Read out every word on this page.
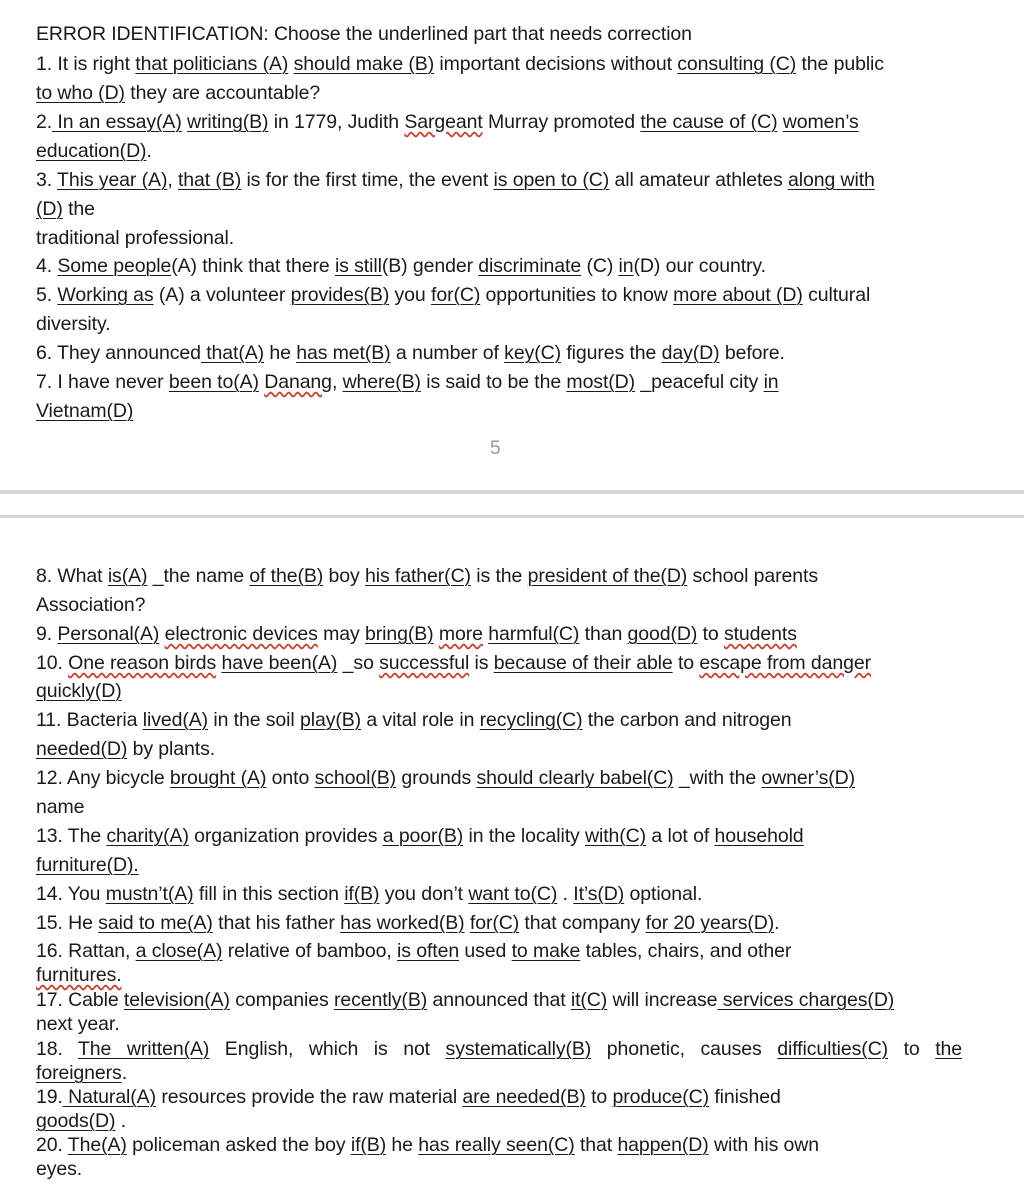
ERROR IDENTIFICATION: Choose the underlined part that needs correction
1. It is right that politicians (A) should make (B) important decisions without consulting (C) the public
to who (D) they are accountable?
2. In an essay(A) writing(B) in 1779, Judith Sargeant Murray promoted the cause of (C) women’s
education(D).
3. This year (A), that (B) is for the first time, the event is open to (C) all amateur athletes along with
(D) the
traditional professional.
4. Some people(A) think that there is still(B) gender discriminate (C) in(D) our country.
5. Working as (A) a volunteer provides(B) you for(C) opportunities to know more about (D) cultural
diversity.
6. They announced that(A) he has met(B) a number of key(C) figures the day(D) before.
7. I have never been to(A) Danang, where(B) is said to be the most(D) _peaceful city in
Vietnam(D)
5
8. What is(A) _the name of the(B) boy his father(C) is the president of the(D) school parents
Association?
9. Personal(A) electronic devices may bring(B) more harmful(C) than good(D) to students
10. One reason birds have been(A) _so successful is because of their able to escape from danger
quickly(D)
11. Bacteria lived(A) in the soil play(B) a vital role in recycling(C) the carbon and nitrogen
needed(D) by plants.
12. Any bicycle brought (A) onto school(B) grounds should clearly babel(C) _with the owner’s(D)
name
13. The charity(A) organization provides a poor(B) in the locality with(C) a lot of household
furniture(D).
14. You mustn’t(A) fill in this section if(B) you don’t want to(C) . It’s(D) optional.
15. He said to me(A) that his father has worked(B) for(C) that company for 20 years(D).
16. Rattan, a close(A) relative of bamboo, is often used to make tables, chairs, and other
furnitures.
17. Cable television(A) companies recently(B) announced that it(C) will increase services charges(D)
next year.
18. The written(A) English, which is not systematically(B) phonetic, causes difficulties(C) to the
foreigners.
19. Natural(A) resources provide the raw material are needed(B) to produce(C) finished
goods(D) .
20. The(A) policeman asked the boy if(B) he has really seen(C) that happen(D) with his own
eyes.
